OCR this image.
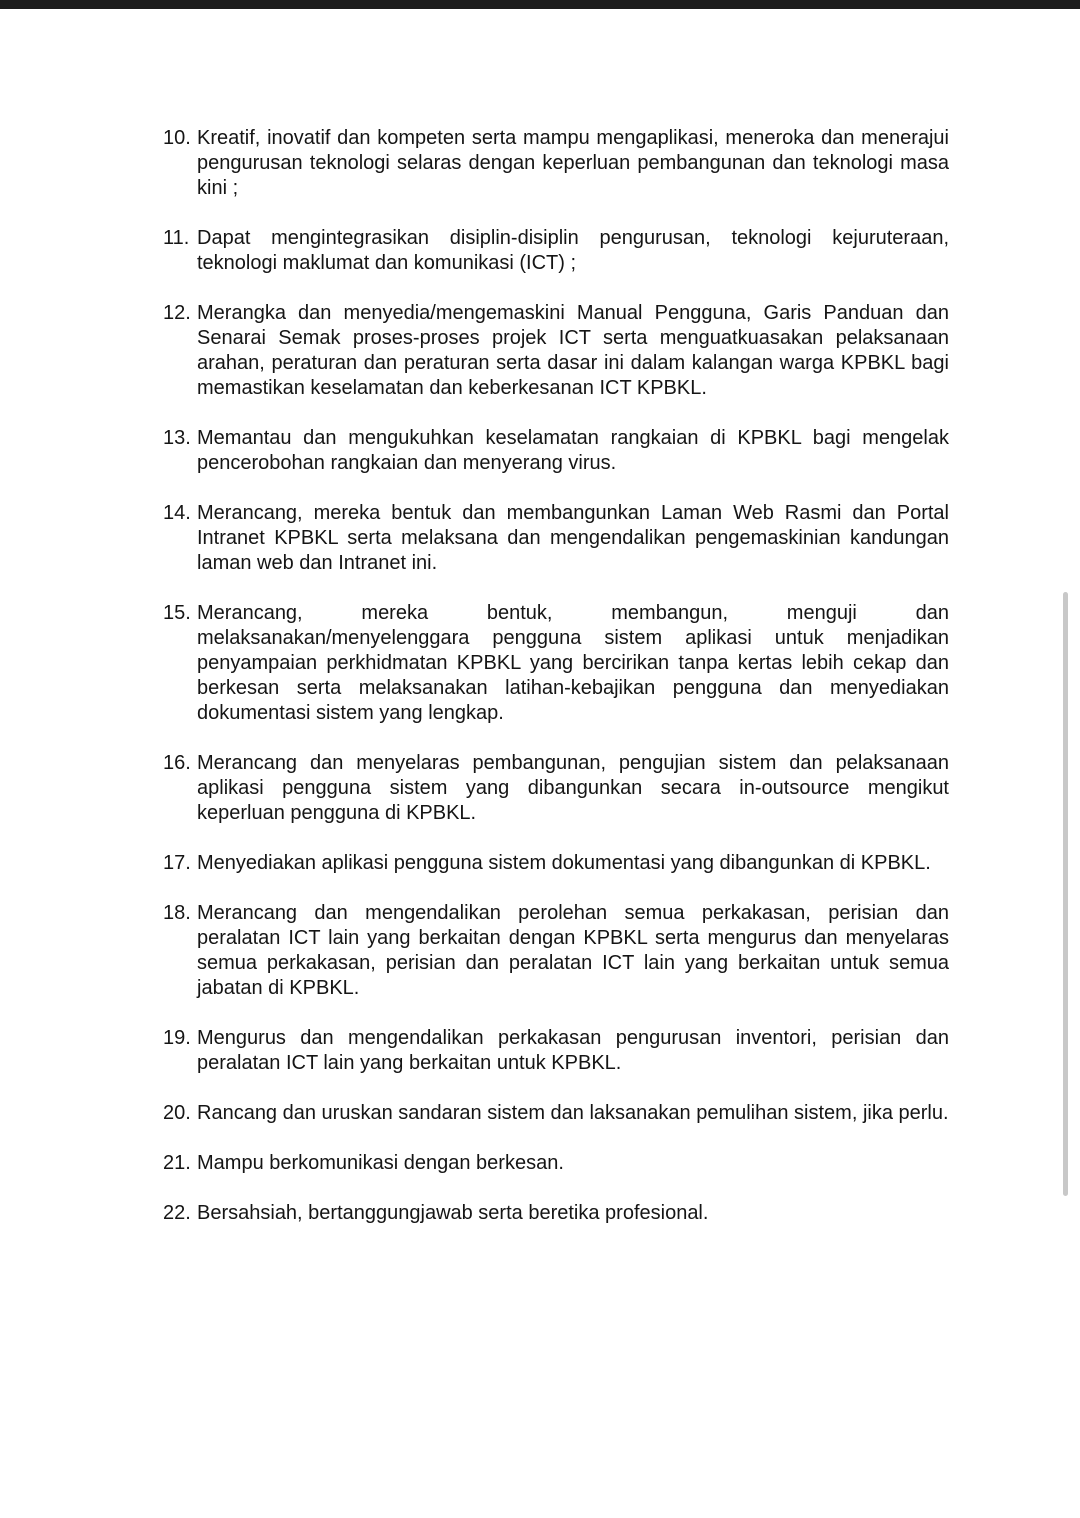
10. Kreatif, inovatif dan kompeten serta mampu mengaplikasi, meneroka dan menerajui pengurusan teknologi selaras dengan keperluan pembangunan dan teknologi masa kini ;
11. Dapat mengintegrasikan disiplin-disiplin pengurusan, teknologi kejuruteraan, teknologi maklumat dan komunikasi (ICT) ;
12. Merangka dan menyedia/mengemaskini Manual Pengguna, Garis Panduan dan Senarai Semak proses-proses projek ICT serta menguatkuasakan pelaksanaan arahan, peraturan dan peraturan serta dasar ini dalam kalangan warga KPBKL bagi memastikan keselamatan dan keberkesanan ICT KPBKL.
13. Memantau dan mengukuhkan keselamatan rangkaian di KPBKL bagi mengelak pencerobohan rangkaian dan menyerang virus.
14. Merancang, mereka bentuk dan membangunkan Laman Web Rasmi dan Portal Intranet KPBKL serta melaksana dan mengendalikan pengemaskinian kandungan laman web dan Intranet ini.
15. Merancang, mereka bentuk, membangun, menguji dan melaksanakan/menyelenggara pengguna sistem aplikasi untuk menjadikan penyampaian perkhidmatan KPBKL yang bercirikan tanpa kertas lebih cekap dan berkesan serta melaksanakan latihan-kebajikan pengguna dan menyediakan dokumentasi sistem yang lengkap.
16. Merancang dan menyelaras pembangunan, pengujian sistem dan pelaksanaan aplikasi pengguna sistem yang dibangunkan secara in-outsource mengikut keperluan pengguna di KPBKL.
17. Menyediakan aplikasi pengguna sistem dokumentasi yang dibangunkan di KPBKL.
18. Merancang dan mengendalikan perolehan semua perkakasan, perisian dan peralatan ICT lain yang berkaitan dengan KPBKL serta mengurus dan menyelaras semua perkakasan, perisian dan peralatan ICT lain yang berkaitan untuk semua jabatan di KPBKL.
19. Mengurus dan mengendalikan perkakasan pengurusan inventori, perisian dan peralatan ICT lain yang berkaitan untuk KPBKL.
20. Rancang dan uruskan sandaran sistem dan laksanakan pemulihan sistem, jika perlu.
21. Mampu berkomunikasi dengan berkesan.
22. Bersahsiah, bertanggungjawab serta beretika profesional.
